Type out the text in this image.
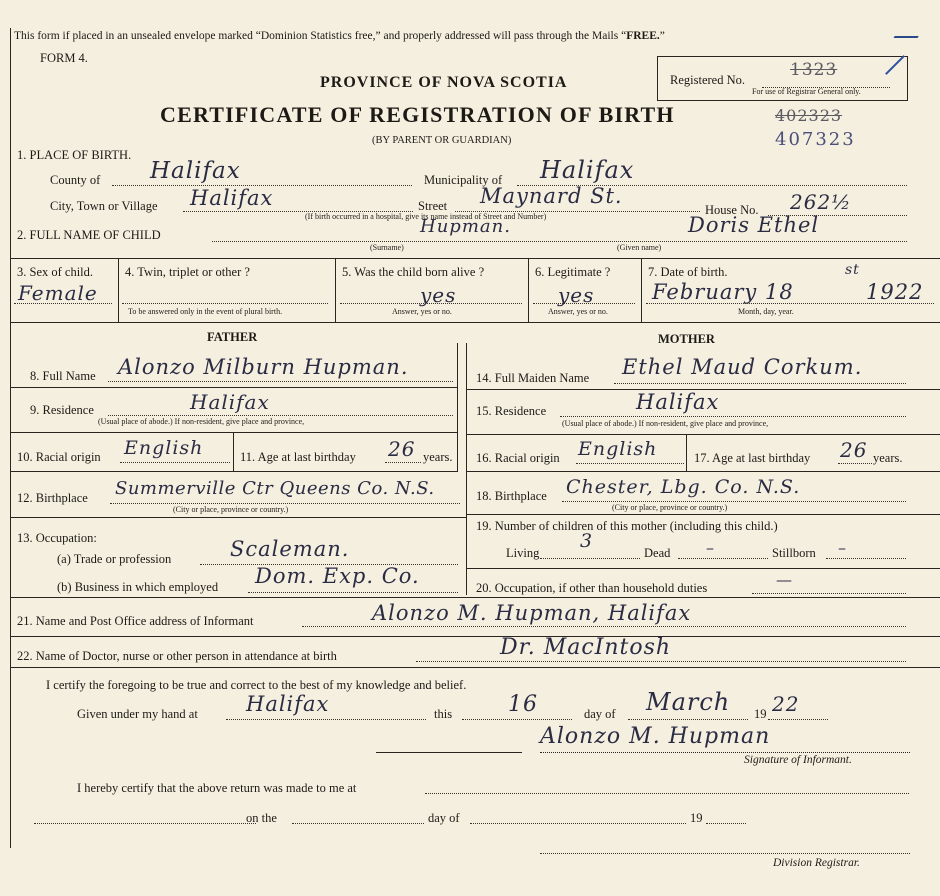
This form if placed in an unsealed envelope marked “Dominion Statistics free,” and properly addressed will pass through the Mails “FREE.”
FORM 4.
PROVINCE OF NOVA SCOTIA
CERTIFICATE OF REGISTRATION OF BIRTH
(BY PARENT OR GUARDIAN)
Registered No.	1323
For use of Registrar General only.
402323
407323
1. PLACE OF BIRTH.
County of Halifax	Municipality of Halifax
City, Town or Village Halifax	Street Maynard St.
House No. 262½
(If birth occurred in a hospital, give its name instead of Street and Number)
2. FULL NAME OF CHILD	Hupman.	Doris Ethel
(Surname)	(Given name)
3. Sex of child.
Female
4. Twin, triplet or other ?
To be answered only in the event of plural birth.
5. Was the child born alive ?
yes
Answer, yes or no.
6. Legitimate ?
yes
Answer, yes or no.
7. Date of birth.
February 18
st
1922
Month, day, year.
FATHER	MOTHER
8. Full Name Alonzo Milburn Hupman.
9. Residence	Halifax
(Usual place of abode.) If non-resident, give place and province,
10. Racial origin English	11. Age at last birthday 26 years.
12. Birthplace Summerville Ctr Queens Co. N.S.
(City or place, province or country.)
13. Occupation:
(a) Trade or profession	Scaleman.
(b) Business in which employed Dom. Exp. Co.
14. Full Maiden Name Ethel Maud Corkum.
15. Residence	Halifax
(Usual place of abode.) If non-resident, give place and province,
16. Racial origin English	17. Age at last birthday 26 years.
18. Birthplace Chester, Lbg. Co. N.S.
(City or place, province or country.)
19. Number of children of this mother (including this child.)
Living
3
Dead –	Stillborn –
20. Occupation, if other than household duties	—
21. Name and Post Office address of Informant	Alonzo M. Hupman, Halifax
22. Name of Doctor, nurse or other person in attendance at birth	Dr. MacIntosh
I certify the foregoing to be true and correct to the best of my knowledge and belief.
Given under my hand at Halifax	this	16	day of March 19 22
Alonzo M. Hupman
Signature of Informant.
I hereby certify that the above return was made to me at
on the	day of	19
Division Registrar.
